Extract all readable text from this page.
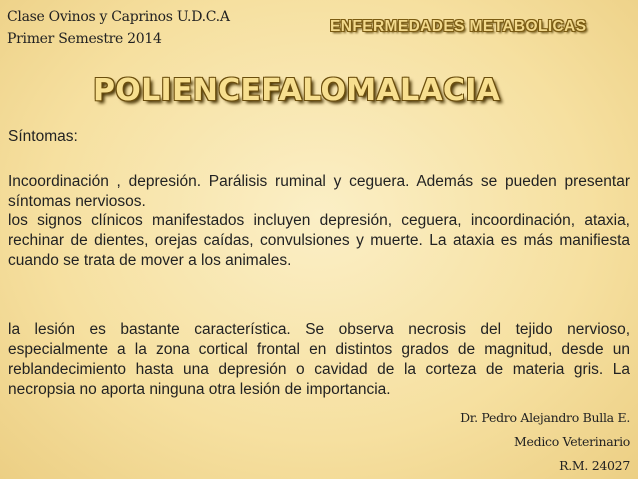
Clase Ovinos y Caprinos U.D.C.A
Primer Semestre 2014
ENFERMEDADES METABOLICAS
POLIENCEFALOMALACIA
Síntomas:
Incoordinación , depresión. Parálisis ruminal y ceguera. Además se pueden presentar síntomas nerviosos.
los signos clínicos manifestados incluyen depresión, ceguera, incoordinación, ataxia, rechinar de dientes, orejas caídas, convulsiones y muerte. La ataxia es más manifiesta cuando se trata de mover a los animales.
la lesión es bastante característica. Se observa necrosis del tejido nervioso, especialmente a la zona cortical frontal en distintos grados de magnitud, desde un reblandecimiento hasta una depresión o cavidad de la corteza de materia gris. La necropsia no aporta ninguna otra lesión de importancia.
Dr. Pedro Alejandro Bulla E.
Medico Veterinario
R.M. 24027
